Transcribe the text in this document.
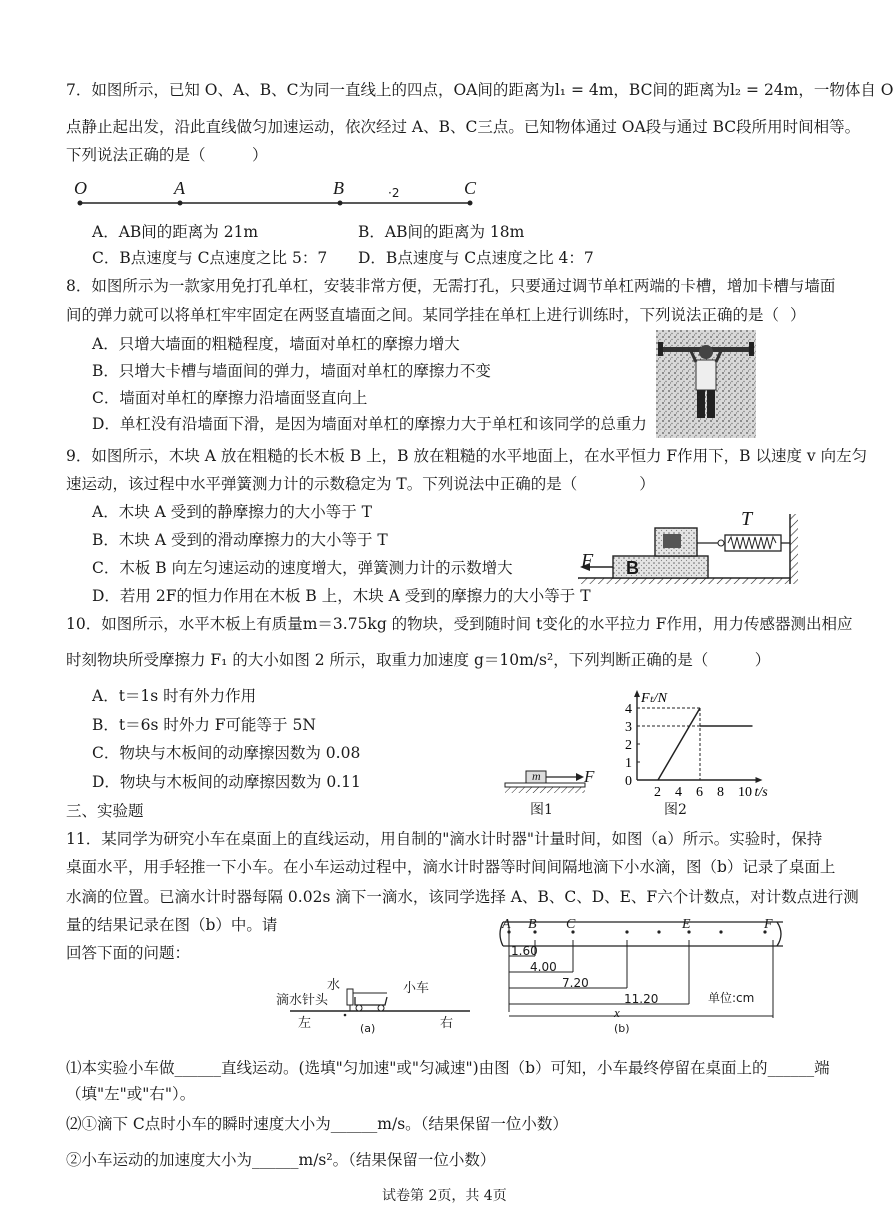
7．如图所示，已知 O、A、B、C为同一直线上的四点，OA间的距离为l₁ = 4m，BC间的距离为l₂ = 24m，一物体自 O
点静止起出发，沿此直线做匀加速运动，依次经过 A、B、C三点。已知物体通过 OA段与通过 BC段所用时间相等。
下列说法正确的是（　　　）
O	A	B	·2	C
A．AB间的距离为 21m	B．AB间的距离为 18m
C．B点速度与 C点速度之比 5：7 D．B点速度与 C点速度之比 4：7
8．如图所示为一款家用免打孔单杠，安装非常方便，无需打孔，只要通过调节单杠两端的卡槽，增加卡槽与墙面
间的弹力就可以将单杠牢牢固定在两竖直墙面之间。某同学挂在单杠上进行训练时，下列说法正确的是（ ）
A．只增大墙面的粗糙程度，墙面对单杠的摩擦力增大
B．只增大卡槽与墙面间的弹力，墙面对单杠的摩擦力不变
C．墙面对单杠的摩擦力沿墙面竖直向上
D．单杠没有沿墙面下滑，是因为墙面对单杠的摩擦力大于单杠和该同学的总重力
9．如图所示，木块 A 放在粗糙的长木板 B 上，B 放在粗糙的水平地面上，在水平恒力 F作用下，B 以速度 v 向左匀
速运动，该过程中水平弹簧测力计的示数稳定为 T。下列说法中正确的是（　　　　）
A．木块 A 受到的静摩擦力的大小等于 T
B．木块 A 受到的滑动摩擦力的大小等于 T
C．木板 B 向左匀速运动的速度增大，弹簧测力计的示数增大
D．若用 2F的恒力作用在木板 B 上，木块 A 受到的摩擦力的大小等于 T
F
T
B
10．如图所示，水平木板上有质量m＝3.75kg 的物块，受到随时间 t变化的水平拉力 F作用，用力传感器测出相应
时刻物块所受摩擦力 F₁ 的大小如图 2 所示，取重力加速度 g＝10m/s²，下列判断正确的是（　　　）
A．t＝1s 时有外力作用
B．t＝6s 时外力 F可能等于 5N
C．物块与木板间的动摩擦因数为 0.08
D．物块与木板间的动摩擦因数为 0.11	m	F
图1
1
2
3
4
0
2 4 6 8 10 t/s
Fₜ/N
图2
三、实验题
11．某同学为研究小车在桌面上的直线运动，用自制的"滴水计时器"计量时间，如图（a）所示。实验时，保持
桌面水平，用手轻推一下小车。在小车运动过程中，滴水计时器等时间间隔地滴下小水滴，图（b）记录了桌面上
水滴的位置。已滴水计时器每隔 0.02s 滴下一滴水，该同学选择 A、B、C、D、E、F六个计数点，对计数点进行测
量的结果记录在图（b）中。请
回答下面的问题：
水
滴水针头
小车
左	右
(a)
A B C	E	F
1.60
4.00
7.20
11.20	单位:cm
x
(b)
⑴本实验小车做______直线运动。(选填"匀加速"或"匀减速")由图（b）可知，小车最终停留在桌面上的______端
（填"左"或"右"）。
⑵①滴下 C点时小车的瞬时速度大小为______m/s。（结果保留一位小数）
②小车运动的加速度大小为______m/s²。（结果保留一位小数）
试卷第 2页，共 4页
